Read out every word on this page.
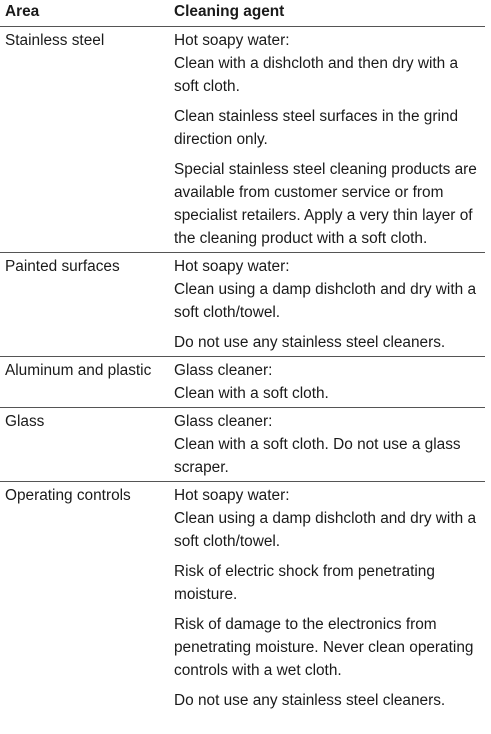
Area	Cleaning agent
Stainless steel	Hot soapy water:
Clean with a dishcloth and then dry with a soft cloth.

Clean stainless steel surfaces in the grind direction only.

Special stainless steel cleaning products are available from customer service or from specialist retailers. Apply a very thin layer of the cleaning product with a soft cloth.

Painted surfaces	Hot soapy water:
Clean using a damp dishcloth and dry with a soft cloth/towel.

Do not use any stainless steel cleaners.

Aluminum and plastic	Glass cleaner:
Clean with a soft cloth.

Glass	Glass cleaner:
Clean with a soft cloth. Do not use a glass scraper.

Operating controls	Hot soapy water:
Clean using a damp dishcloth and dry with a soft cloth/towel.

Risk of electric shock from penetrating moisture.

Risk of damage to the electronics from penetrating moisture. Never clean operating controls with a wet cloth.

Do not use any stainless steel cleaners.
